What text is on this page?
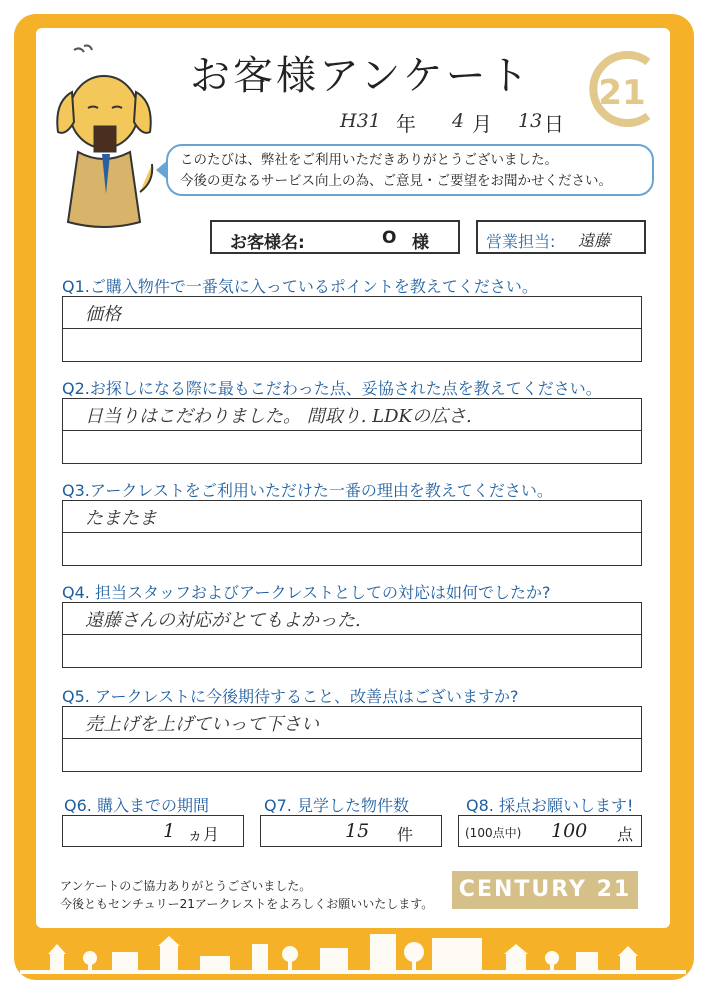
お客様アンケート 21
H31 年 4 月 13 日
このたびは、弊社をご利用いただきありがとうございました。
今後の更なるサービス向上の為、ご意見・ご要望をお聞かせください。
お客様名:	O 様	営業担当: 遠藤
Q1.ご購入物件で一番気に入っているポイントを教えてください。
価格
Q2.お探しになる際に最もこだわった点、妥協された点を教えてください。
日当りはこだわりました。 間取り. LDKの広さ.
Q3.アークレストをご利用いただけた一番の理由を教えてください。
たまたま
Q4. 担当スタッフおよびアークレストとしての対応は如何でしたか?
遠藤さんの対応がとてもよかった.
Q5. アークレストに今後期待すること、改善点はございますか?
売上げを上げていって下さい
Q6. 購入までの期間	Q7. 見学した物件数	Q8. 採点お願いします!
1 ヵ月	15 件	(100点中) 100 点
アンケートのご協力ありがとうございました。
今後ともセンチュリー21アークレストをよろしくお願いいたします。
CENTURY 21
